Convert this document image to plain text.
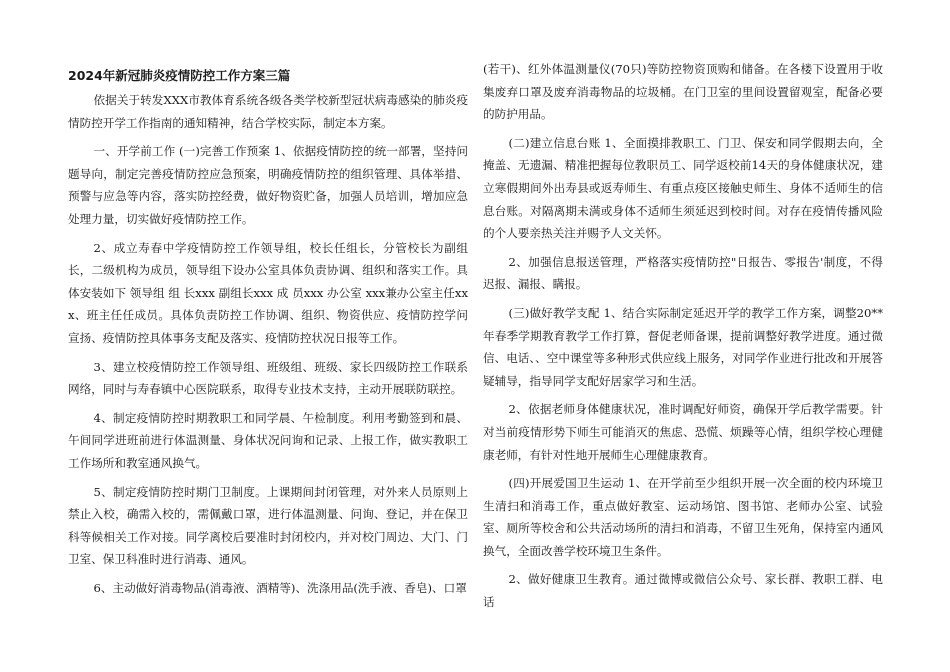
2024年新冠肺炎疫情防控工作方案三篇

依据关于转发XXX市教体育系统各级各类学校新型冠状病毒感染的肺炎疫情防控开学工作指南的通知精神，结合学校实际，制定本方案。

一、开学前工作 (一)完善工作预案 1、依据疫情防控的统一部署，坚持问题导向，制定完善疫情防控应急预案，明确疫情防控的组织管理、具体举措、预警与应急等内容，落实防控经费，做好物资贮备，加强人员培训，增加应急处理力量，切实做好疫情防控工作。

2、成立寿春中学疫情防控工作领导组，校长任组长，分管校长为副组长，二级机构为成员，领导组下设办公室具体负责协调、组织和落实工作。具体安装如下 领导组 组 长xxx 副组长xxx 成 员xxx 办公室 xxx兼办公室主任xxx、班主任任成员。具体负责防控工作协调、组织、物资供应、疫情防控学问宣扬、疫情防控具体事务支配及落实、疫情防控状况日报等工作。

3、建立校疫情防控工作领导组、班级组、班级、家长四级防控工作联系网络，同时与寿春镇中心医院联系，取得专业技术支持，主动开展联防联控。

4、制定疫情防控时期教职工和同学晨、午检制度。利用考勤签到和晨、午间同学进班前进行体温测量、身体状况问询和记录、上报工作，做实教职工工作场所和教室通风换气。

5、制定疫情防控时期门卫制度。上课期间封闭管理，对外来人员原则上禁止入校，确需入校的，需佩戴口罩，进行体温测量、问询、登记，并在保卫科等候相关工作对接。同学离校后要准时封闭校内，并对校门周边、大门、门卫室、保卫科准时进行消毒、通风。

6、主动做好消毒物品(消毒液、酒精等)、洗涤用品(洗手液、香皂)、口罩

(若干)、红外体温测量仪(70只)等防控物资顶购和储备。在各楼下设置用于收集废弃口罩及废弃消毒物品的垃圾桶。在门卫室的里间设置留观室，配备必要的防护用品。

(二)建立信息台账 1、全面摸排教职工、门卫、保安和同学假期去向，全掩盖、无遗漏、精准把握每位教职员工、同学返校前14天的身体健康状况，建立寒假期间外出寿县或返寿师生、有重点疫区接触史师生、身体不适师生的信息台账。对隔离期未满或身体不适师生须延迟到校时间。对存在疫情传播风险的个人要亲热关注并赐予人文关怀。

2、加强信息报送管理，严格落实疫情防控"日报告、零报告'制度，不得迟报、漏报、瞒报。

(三)做好教学支配 1、结合实际制定延迟开学的教学工作方案，调整20**年春季学期教育教学工作打算，督促老师备课，提前调整好教学进度。通过微信、电话、、空中课堂等多种形式供应线上服务，对同学作业进行批改和开展答疑辅导，指导同学支配好居家学习和生活。

2、依据老师身体健康状况，准时调配好师资，确保开学后教学需要。针对当前疫情形势下师生可能消灭的焦虑、恐慌、烦躁等心情，组织学校心理健康老师，有针对性地开展师生心理健康教育。

(四)开展爱国卫生运动 1、在开学前至少组织开展一次全面的校内环境卫生清扫和消毒工作，重点做好教室、运动场馆、图书馆、老师办公室、试验室、厕所等校舍和公共活动场所的清扫和消毒，不留卫生死角，保持室内通风换气，全面改善学校环境卫生条件。

2、做好健康卫生教育。通过微博或微信公众号、家长群、教职工群、电话
